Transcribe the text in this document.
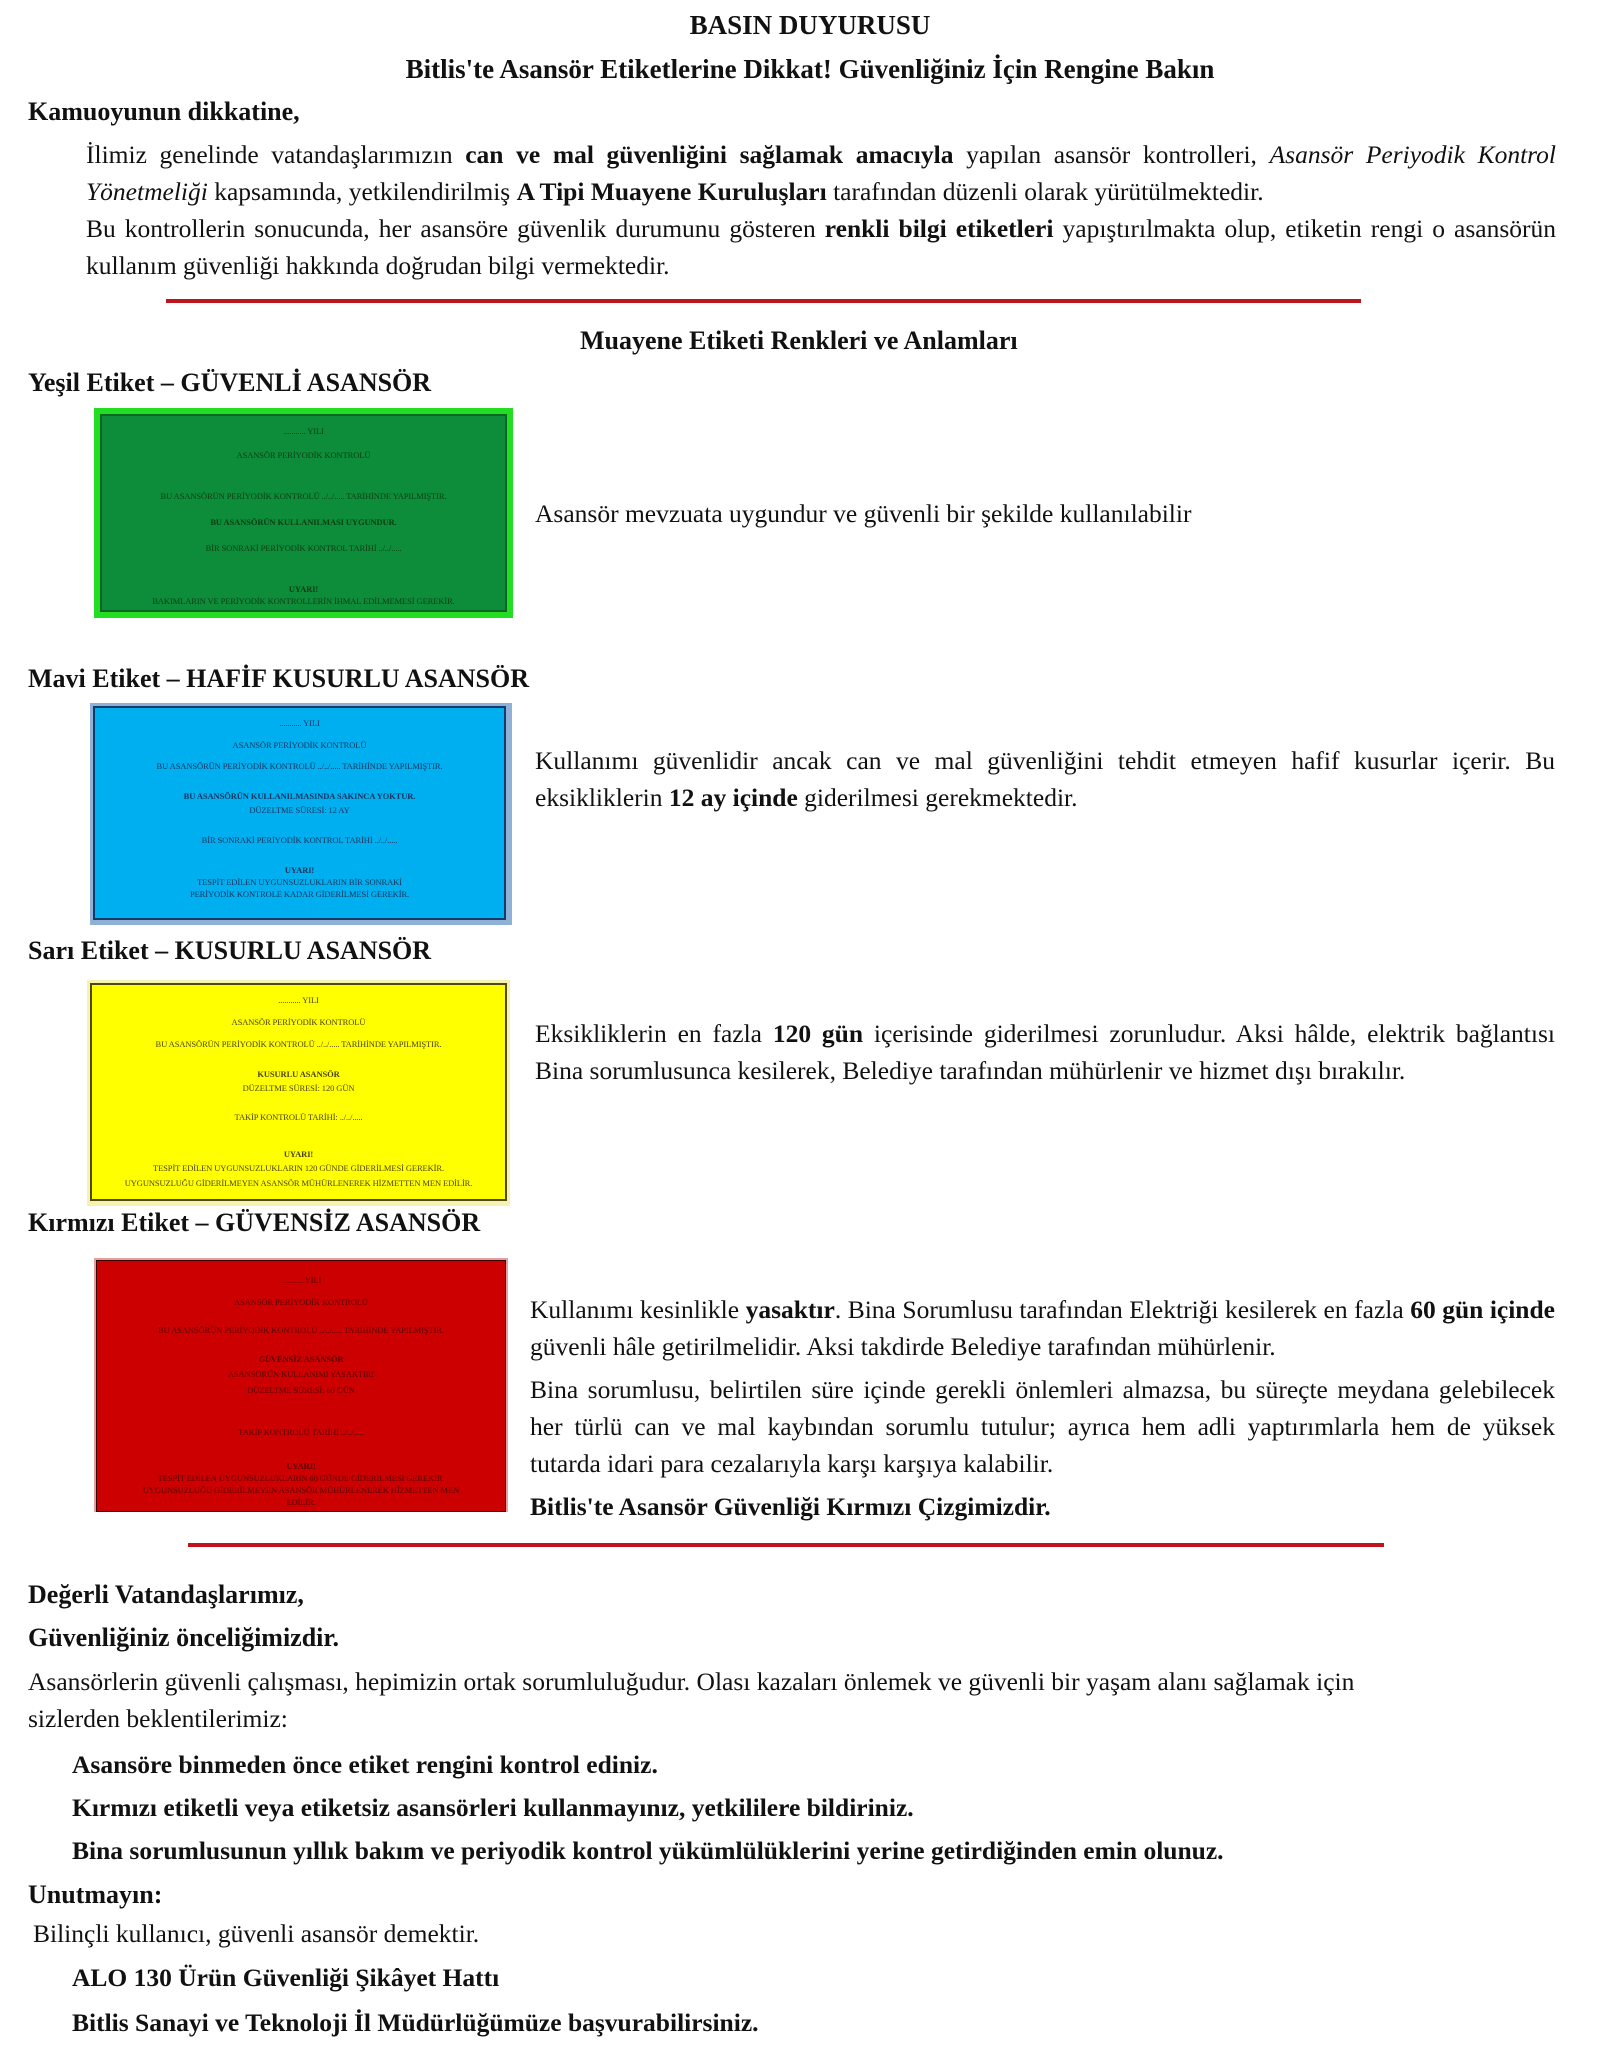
BASIN DUYURUSU
Bitlis'te Asansör Etiketlerine Dikkat! Güvenliğiniz İçin Rengine Bakın
Kamuoyunun dikkatine,

İlimiz genelinde vatandaşlarımızın can ve mal güvenliğini sağlamak amacıyla yapılan asansör kontrolleri, Asansör Periyodik Kontrol Yönetmeliği kapsamında, yetkilendirilmiş A Tipi Muayene Kuruluşları tarafından düzenli olarak yürütülmektedir.

Bu kontrollerin sonucunda, her asansöre güvenlik durumunu gösteren renkli bilgi etiketleri yapıştırılmakta olup, etiketin rengi o asansörün kullanım güvenliği hakkında doğrudan bilgi vermektedir.

Muayene Etiketi Renkleri ve Anlamları
Yeşil Etiket – GÜVENLİ ASANSÖR
........... YILI
ASANSÖR PERİYODİK KONTROLÜ
BU ASANSÖRÜN PERİYODİK KONTROLÜ ../../..... TARİHİNDE YAPILMIŞTIR.
BU ASANSÖRÜN KULLANILMASI UYGUNDUR.
BİR SONRAKİ PERİYODİK KONTROL TARİHİ ../../.....
UYARI!
BAKIMLARIN VE PERİYODİK KONTROLLERİN İHMAL EDİLMEMESİ GEREKİR.

Asansör mevzuata uygundur ve güvenli bir şekilde kullanılabilir

Mavi Etiket – HAFİF KUSURLU ASANSÖR
........... YILI
ASANSÖR PERİYODİK KONTROLÜ
BU ASANSÖRÜN PERİYODİK KONTROLÜ ../../..... TARİHİNDE YAPILMIŞTIR.
BU ASANSÖRÜN KULLANILMASINDA SAKINCA YOKTUR.
DÜZELTME SÜRESİ: 12 AY
BİR SONRAKİ PERİYODİK KONTROL TARİHİ ../../.....
UYARI!
TESPİT EDİLEN UYGUNSUZLUKLARIN BİR SONRAKİ
PERİYODİK KONTROLE KADAR GİDERİLMESİ GEREKİR.

Kullanımı güvenlidir ancak can ve mal güvenliğini tehdit etmeyen hafif kusurlar içerir. Bu eksikliklerin 12 ay içinde giderilmesi gerekmektedir.

Sarı Etiket – KUSURLU ASANSÖR
........... YILI
ASANSÖR PERİYODİK KONTROLÜ
BU ASANSÖRÜN PERİYODİK KONTROLÜ ../../..... TARİHİNDE YAPILMIŞTIR.
KUSURLU ASANSÖR
DÜZELTME SÜRESİ: 120 GÜN
TAKİP KONTROLÜ TARİHİ: ../../.....
UYARI!
TESPİT EDİLEN UYGUNSUZLUKLARIN 120 GÜNDE GİDERİLMESİ GEREKİR.
UYGUNSUZLUĞU GİDERİLMEYEN ASANSÖR MÜHÜRLENEREK HİZMETTEN MEN EDİLİR.

Eksikliklerin en fazla 120 gün içerisinde giderilmesi zorunludur. Aksi hâlde, elektrik bağlantısı Bina sorumlusunca kesilerek, Belediye tarafından mühürlenir ve hizmet dışı bırakılır.

Kırmızı Etiket – GÜVENSİZ ASANSÖR
........... YILI
ASANSÖR PERİYODİK KONTROLÜ
BU ASANSÖRÜN PERİYODİK KONTROLÜ ../../..... TARİHİNDE YAPILMIŞTIR.
GÜVENSİZ ASANSÖR
ASANSÖRÜN KULLANIMI YASAKTIR!
DÜZELTME SÜRESİ: 60 GÜN
TAKİP KONTROLÜ TARİHİ ../../.....
UYARI!
TESPİT EDİLEN UYGUNSUZLUKLARIN 60 GÜNDE GİDERİLMESİ GEREKİR.
UYGUNSUZLUĞU GİDERİLMEYEN ASANSÖR MÜHÜRLENEREK HİZMETTEN MEN
EDİLİR.

Kullanımı kesinlikle yasaktır. Bina Sorumlusu tarafından Elektriği kesilerek en fazla 60 gün içinde güvenli hâle getirilmelidir. Aksi takdirde Belediye tarafından mühürlenir.

Bina sorumlusu, belirtilen süre içinde gerekli önlemleri almazsa, bu süreçte meydana gelebilecek her türlü can ve mal kaybından sorumlu tutulur; ayrıca hem adli yaptırımlarla hem de yüksek tutarda idari para cezalarıyla karşı karşıya kalabilir.

Bitlis'te Asansör Güvenliği Kırmızı Çizgimizdir.

Değerli Vatandaşlarımız,
Güvenliğiniz önceliğimizdir.
Asansörlerin güvenli çalışması, hepimizin ortak sorumluluğudur. Olası kazaları önlemek ve güvenli bir yaşam alanı sağlamak için
sizlerden beklentilerimiz:
Asansöre binmeden önce etiket rengini kontrol ediniz.
Kırmızı etiketli veya etiketsiz asansörleri kullanmayınız, yetkililere bildiriniz.
Bina sorumlusunun yıllık bakım ve periyodik kontrol yükümlülüklerini yerine getirdiğinden emin olunuz.
Unutmayın:
Bilinçli kullanıcı, güvenli asansör demektir.
ALO 130 Ürün Güvenliği Şikâyet Hattı
Bitlis Sanayi ve Teknoloji İl Müdürlüğümüze başvurabilirsiniz.
